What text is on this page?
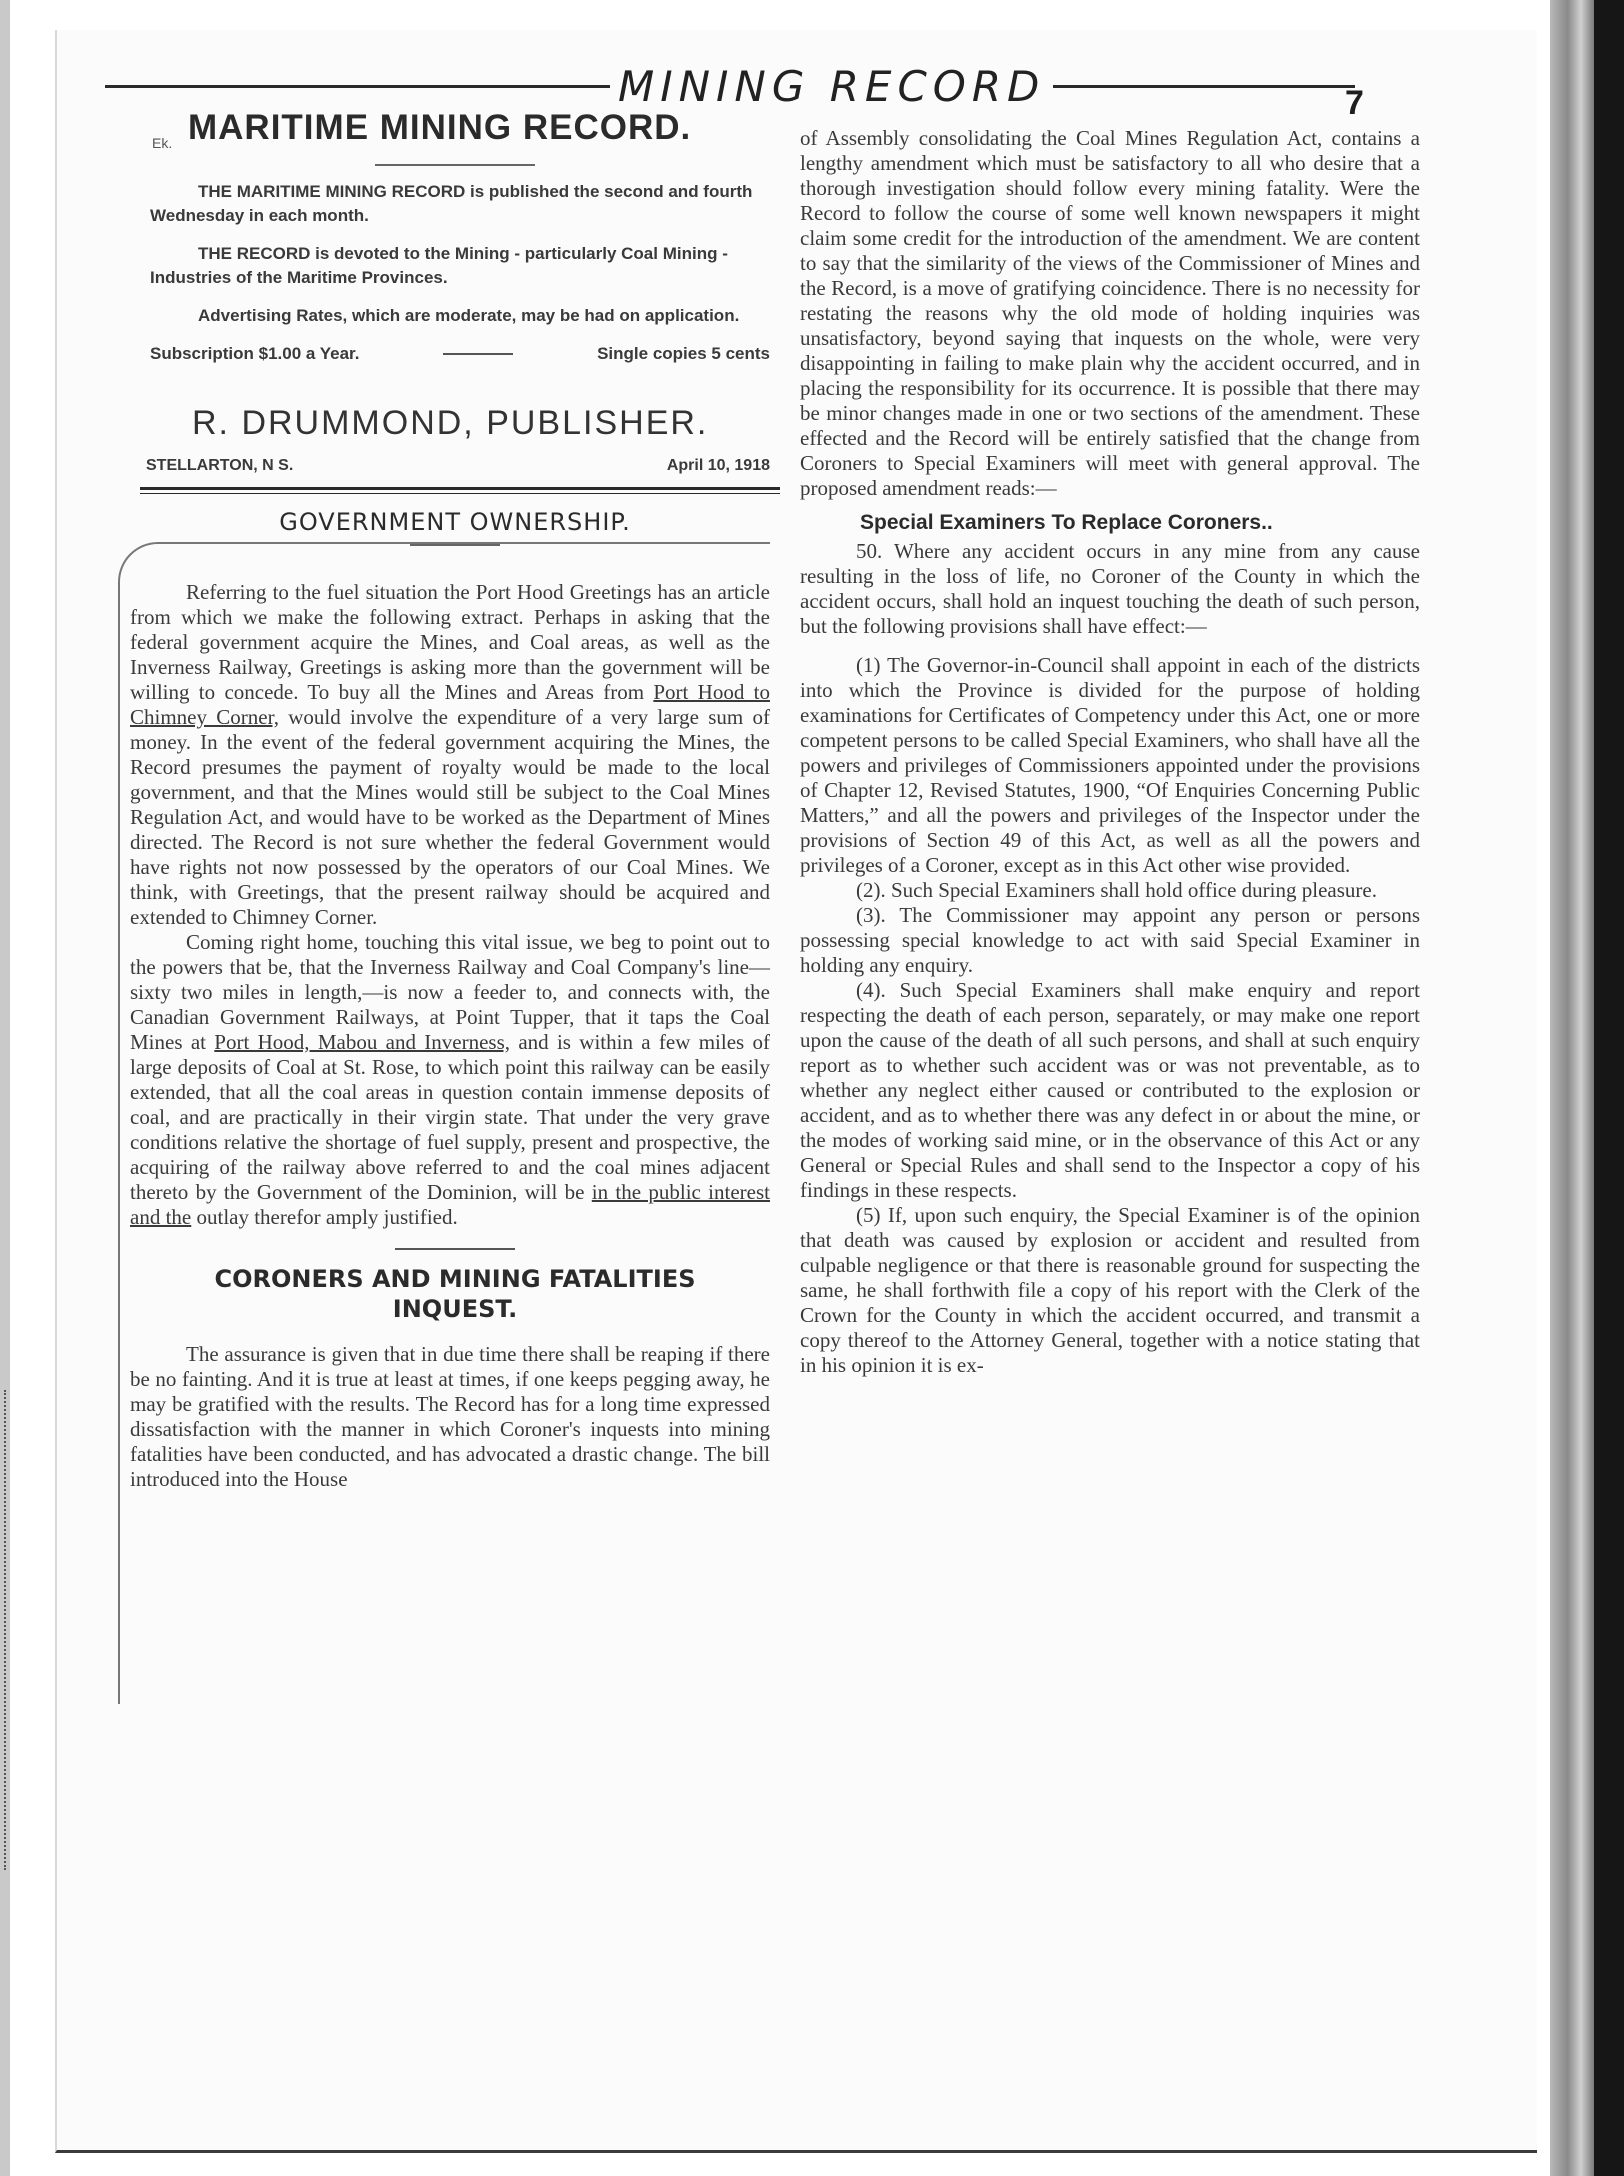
MINING RECORD	7
Ek. MARITIME MINING RECORD.
THE MARITIME MINING RECORD is published the second and fourth Wednesday in each month.
THE RECORD is devoted to the Mining - particularly Coal Mining - Industries of the Maritime Provinces.
Advertising Rates, which are moderate, may be had on application.
Subscription $1.00 a Year.	Single copies 5 cents
R. DRUMMOND, PUBLISHER.
STELLARTON, N S.	April 10, 1918
GOVERNMENT OWNERSHIP.

Referring to the fuel situation the Port Hood Greetings has an article from which we make the following extract. Perhaps in asking that the federal government acquire the Mines, and Coal areas, as well as the Inverness Railway, Greetings is asking more than the government will be willing to concede. To buy all the Mines and Areas from Port Hood to Chimney Corner, would involve the expenditure of a very large sum of money. In the event of the federal government acquiring the Mines, the Record presumes the payment of royalty would be made to the local government, and that the Mines would still be subject to the Coal Mines Regulation Act, and would have to be worked as the Department of Mines directed. The Record is not sure whether the federal Government would have rights not now possessed by the operators of our Coal Mines. We think, with Greetings, that the present railway should be acquired and extended to Chimney Corner.

Coming right home, touching this vital issue, we beg to point out to the powers that be, that the Inverness Railway and Coal Company's line—sixty two miles in length,—is now a feeder to, and connects with, the Canadian Government Railways, at Point Tupper, that it taps the Coal Mines at Port Hood, Mabou and Inverness, and is within a few miles of large deposits of Coal at St. Rose, to which point this railway can be easily extended, that all the coal areas in question contain immense deposits of coal, and are practically in their virgin state. That under the very grave conditions relative the shortage of fuel supply, present and prospective, the acquiring of the railway above referred to and the coal mines adjacent thereto by the Government of the Dominion, will be in the public interest and the outlay therefor amply justified.

CORONERS AND MINING FATALITIES
INQUEST.

The assurance is given that in due time there shall be reaping if there be no fainting. And it is true at least at times, if one keeps pegging away, he may be gratified with the results. The Record has for a long time expressed dissatisfaction with the manner in which Coroner's inquests into mining fatalities have been conducted, and has advocated a drastic change. The bill introduced into the House

of Assembly consolidating the Coal Mines Regulation Act, contains a lengthy amendment which must be satisfactory to all who desire that a thorough investigation should follow every mining fatality. Were the Record to follow the course of some well known newspapers it might claim some credit for the introduction of the amendment. We are content to say that the similarity of the views of the Commissioner of Mines and the Record, is a move of gratifying coincidence. There is no necessity for restating the reasons why the old mode of holding inquiries was unsatisfactory, beyond saying that inquests on the whole, were very disappointing in failing to make plain why the accident occurred, and in placing the responsibility for its occurrence. It is possible that there may be minor changes made in one or two sections of the amendment. These effected and the Record will be entirely satisfied that the change from Coroners to Special Examiners will meet with general approval. The proposed amendment reads:—

Special Examiners To Replace Coroners..

50. Where any accident occurs in any mine from any cause resulting in the loss of life, no Coroner of the County in which the accident occurs, shall hold an inquest touching the death of such person, but the following provisions shall have effect:—

(1) The Governor-in-Council shall appoint in each of the districts into which the Province is divided for the purpose of holding examinations for Certificates of Competency under this Act, one or more competent persons to be called Special Examiners, who shall have all the powers and privileges of Commissioners appointed under the provisions of Chapter 12, Revised Statutes, 1900, “Of Enquiries Concerning Public Matters,” and all the powers and privileges of the Inspector under the provisions of Section 49 of this Act, as well as all the powers and privileges of a Coroner, except as in this Act other wise provided.

(2). Such Special Examiners shall hold office during pleasure.

(3). The Commissioner may appoint any person or persons possessing special knowledge to act with said Special Examiner in holding any enquiry.

(4). Such Special Examiners shall make enquiry and report respecting the death of each person, separately, or may make one report upon the cause of the death of all such persons, and shall at such enquiry report as to whether such accident was or was not preventable, as to whether any neglect either caused or contributed to the explosion or accident, and as to whether there was any defect in or about the mine, or the modes of working said mine, or in the observance of this Act or any General or Special Rules and shall send to the Inspector a copy of his findings in these respects.

(5) If, upon such enquiry, the Special Examiner is of the opinion that death was caused by explosion or accident and resulted from culpable negligence or that there is reasonable ground for suspecting the same, he shall forthwith file a copy of his report with the Clerk of the Crown for the County in which the accident occurred, and transmit a copy thereof to the Attorney General, together with a notice stating that in his opinion it is ex-
